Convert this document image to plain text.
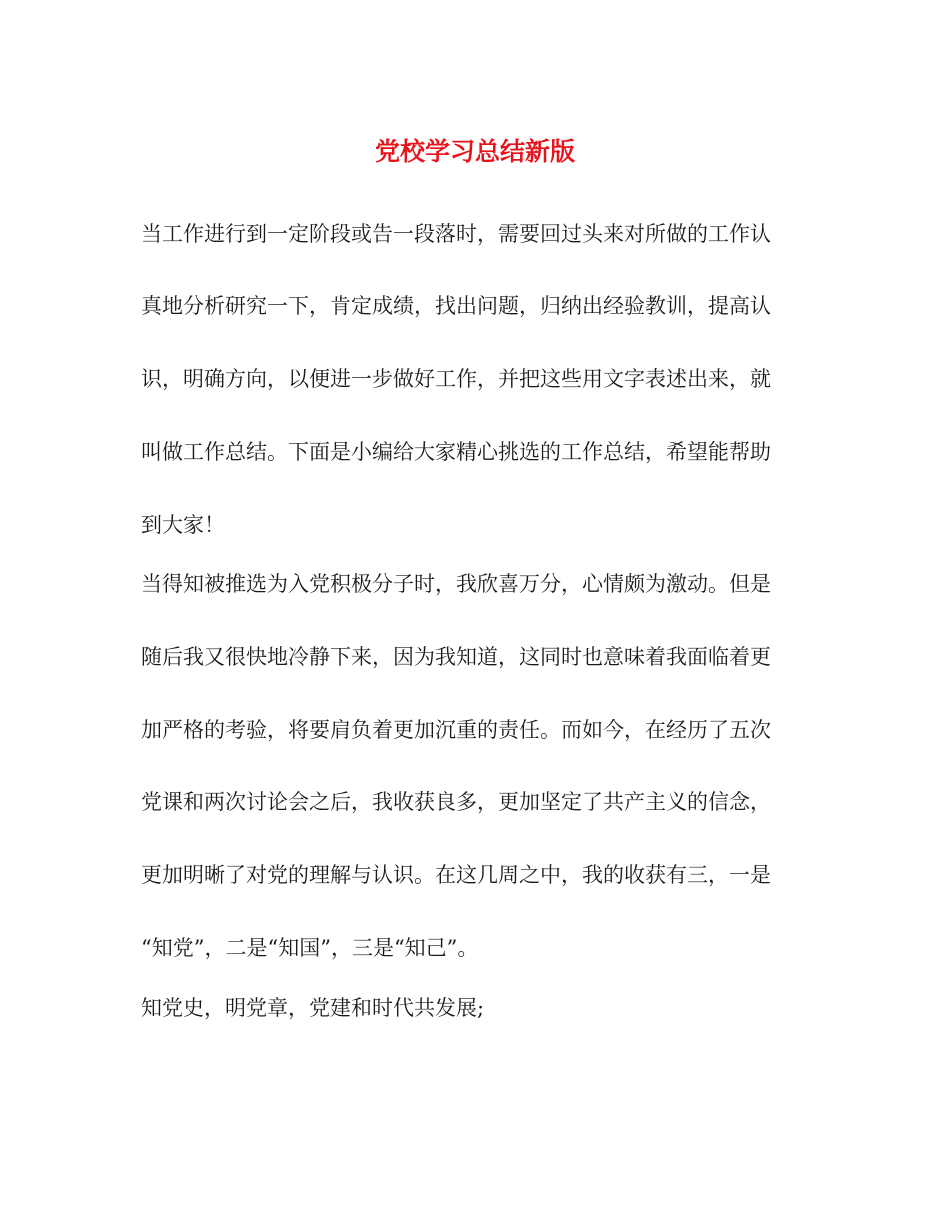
党校学习总结新版

当工作进行到一定阶段或告一段落时，需要回过头来对所做的工作认

真地分析研究一下，肯定成绩，找出问题，归纳出经验教训，提高认

识，明确方向，以便进一步做好工作，并把这些用文字表述出来，就

叫做工作总结。下面是小编给大家精心挑选的工作总结，希望能帮助

到大家！

当得知被推选为入党积极分子时，我欣喜万分，心情颇为激动。但是

随后我又很快地冷静下来，因为我知道，这同时也意味着我面临着更

加严格的考验，将要肩负着更加沉重的责任。而如今，在经历了五次

党课和两次讨论会之后，我收获良多，更加坚定了共产主义的信念，

更加明晰了对党的理解与认识。在这几周之中，我的收获有三，一是

“知党”，二是“知国”，三是“知己”。

知党史，明党章，党建和时代共发展;
